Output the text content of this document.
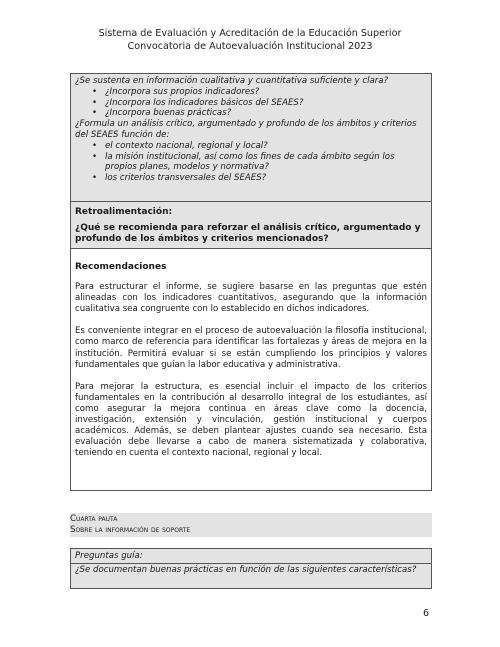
Sistema de Evaluación y Acreditación de la Educación Superior
Convocatoria de Autoevaluación Institucional 2023
¿Se sustenta en información cualitativa y cuantitativa suficiente y clara?
• ¿Incorpora sus propios indicadores?
• ¿Incorpora los indicadores básicos del SEAES?
• ¿Incorpora buenas prácticas?
¿Formula un análisis crítico, argumentado y profundo de los ámbitos y criterios del SEAES función de:
• el contexto nacional, regional y local?
• la misión institucional, así como los fines de cada ámbito según los propios planes, modelos y normativa?
• los criterios transversales del SEAES?
Retroalimentación:
¿Qué se recomienda para reforzar el análisis crítico, argumentado y profundo de los ámbitos y criterios mencionados?
Recomendaciones

Para estructurar el informe, se sugiere basarse en las preguntas que estén alineadas con los indicadores cuantitativos, asegurando que la información cualitativa sea congruente con lo establecido en dichos indicadores.

Es conveniente integrar en el proceso de autoevaluación la filosofía institucional, como marco de referencia para identificar las fortalezas y áreas de mejora en la institución. Permitirá evaluar si se están cumpliendo los principios y valores fundamentales que guían la labor educativa y administrativa.

Para mejorar la estructura, es esencial incluir el impacto de los criterios fundamentales en la contribución al desarrollo integral de los estudiantes, así como asegurar la mejora continua en áreas clave como la docencia, investigación, extensión y vinculación, gestión institucional y cuerpos académicos. Además, se deben plantear ajustes cuando sea necesario. Esta evaluación debe llevarse a cabo de manera sistematizada y colaborativa, teniendo en cuenta el contexto nacional, regional y local.

Cuarta pauta
Sobre la información de soporte
Preguntas guía:
¿Se documentan buenas prácticas en función de las siguientes características?
6
